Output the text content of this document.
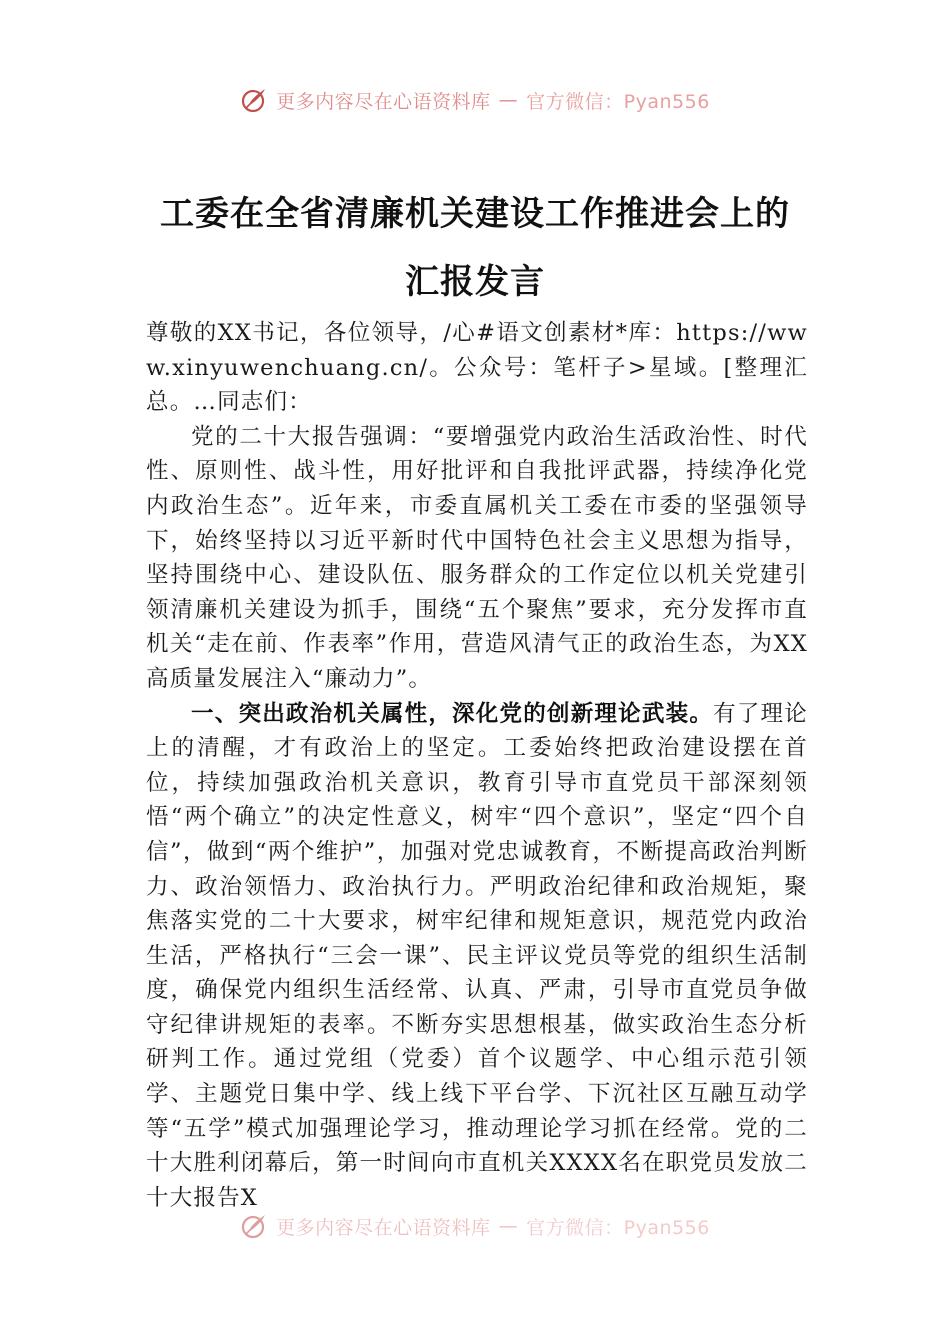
更多内容尽在心语资料库 — 官方微信：Pyan556
工委在全省清廉机关建设工作推进会上的
汇报发言

尊敬的XX书记，各位领导，/心#语文创素材*库：https://www.xinyuwenchuang.cn/。公众号：笔杆子>星域。[整理汇总。…同志们：

党的二十大报告强调：“要增强党内政治生活政治性、时代性、原则性、战斗性，用好批评和自我批评武器，持续净化党内政治生态”。近年来，市委直属机关工委在市委的坚强领导下，始终坚持以习近平新时代中国特色社会主义思想为指导，坚持围绕中心、建设队伍、服务群众的工作定位以机关党建引领清廉机关建设为抓手，围绕“五个聚焦”要求，充分发挥市直机关“走在前、作表率”作用，营造风清气正的政治生态，为XX高质量发展注入“廉动力”。

一、突出政治机关属性，深化党的创新理论武装。有了理论上的清醒，才有政治上的坚定。工委始终把政治建设摆在首位，持续加强政治机关意识，教育引导市直党员干部深刻领悟“两个确立”的决定性意义，树牢“四个意识”，坚定“四个自信”，做到“两个维护”，加强对党忠诚教育，不断提高政治判断力、政治领悟力、政治执行力。严明政治纪律和政治规矩，聚焦落实党的二十大要求，树牢纪律和规矩意识，规范党内政治生活，严格执行“三会一课”、民主评议党员等党的组织生活制度，确保党内组织生活经常、认真、严肃，引导市直党员争做守纪律讲规矩的表率。不断夯实思想根基，做实政治生态分析研判工作。通过党组（党委）首个议题学、中心组示范引领学、主题党日集中学、线上线下平台学、下沉社区互融互动学等“五学”模式加强理论学习，推动理论学习抓在经常。党的二十大胜利闭幕后，第一时间向市直机关XXXX名在职党员发放二十大报告X

更多内容尽在心语资料库 — 官方微信：Pyan556
